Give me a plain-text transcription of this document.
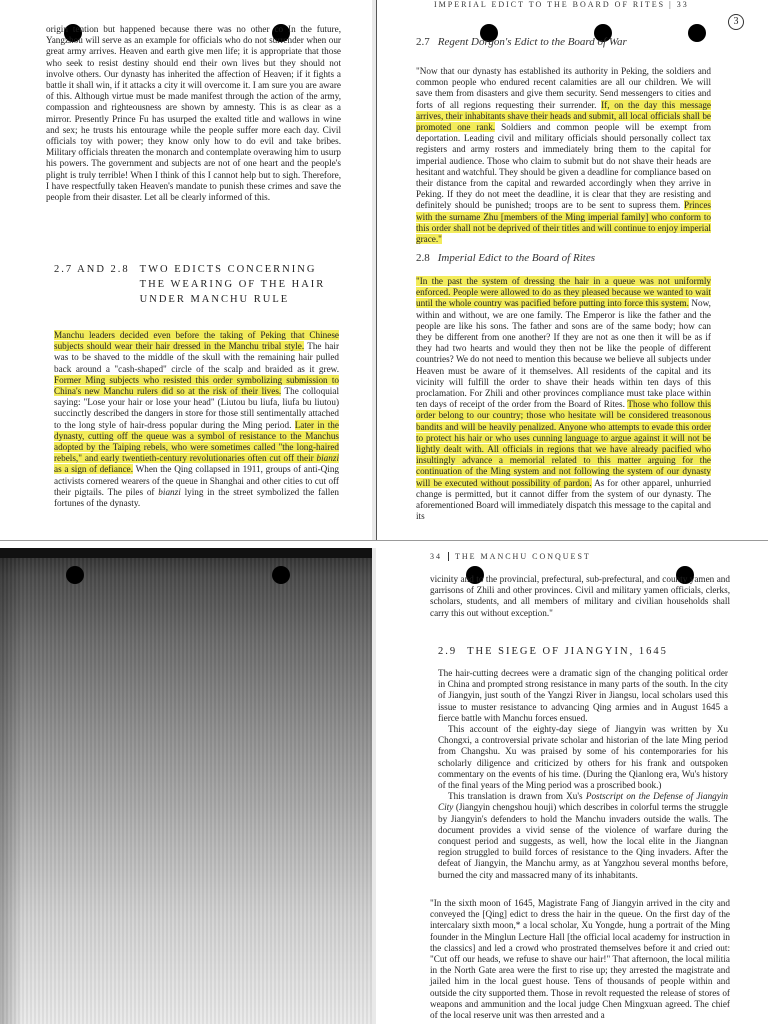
origin tention but happened because there was no other co In the future, Yangzhou will serve as an example for officials who do not surrender when our great army arrives. Heaven and earth give men life; it is appropriate that those who seek to resist destiny should end their own lives but they should not involve others. Our dynasty has inherited the affection of Heaven; if it fights a battle it shall win, if it attacks a city it will overcome it. I am sure you are aware of this. Although virtue must be made manifest through the action of the army, compassion and righteousness are shown by amnesty. This is as clear as a mirror. Presently Prince Fu has usurped the exalted title and wallows in wine and sex; he trusts his entourage while the people suffer more each day. Civil officials toy with power; they know only how to do evil and take bribes. Military officials threaten the monarch and contemplate overawing him to usurp his powers. The government and subjects are not of one heart and the people's plight is truly terrible! When I think of this I cannot help but to sigh. Therefore, I have respectfully taken Heaven's mandate to punish these crimes and save the people from their disaster. Let all be clearly informed of this.

2.7 AND 2.8 TWO EDICTS CONCERNING THE WEARING OF THE HAIR UNDER MANCHU RULE

Manchu leaders decided even before the taking of Peking that Chinese subjects should wear their hair dressed in the Manchu tribal style. The hair was to be shaved to the middle of the skull with the remaining hair pulled back around a "cash-shaped" circle of the scalp and braided as it grew. Former Ming subjects who resisted this order symbolizing submission to China's new Manchu rulers did so at the risk of their lives. The colloquial saying: "Lose your hair or lose your head" (Liutou bu liufa, liufa bu liutou) succinctly described the dangers in store for those still sentimentally attached to the long style of hair-dress popular during the Ming period. Later in the dynasty, cutting off the queue was a symbol of resistance to the Manchus adopted by the Taiping rebels, who were sometimes called "the long-haired rebels," and early twentieth-century revolutionaries often cut off their bianzi as a sign of defiance. When the Qing collapsed in 1911, groups of anti-Qing activists cornered wearers of the queue in Shanghai and other cities to cut off their pigtails. The piles of bianzi lying in the street symbolized the fallen fortunes of the dynasty.

IMPERIAL EDICT TO THE BOARD OF RITES | 33
3
2.7 Regent Dorgon's Edict to the Board of War

"Now that our dynasty has established its authority in Peking, the soldiers and common people who endured recent calamities are all our children. We will save them from disasters and give them security. Send messengers to cities and forts of all regions requesting their surrender. If, on the day this message arrives, their inhabitants shave their heads and submit, all local officials shall be promoted one rank. Soldiers and common people will be exempt from deportation. Leading civil and military officials should personally collect tax registers and army rosters and immediately bring them to the capital for imperial audience. Those who claim to submit but do not shave their heads are hesitant and watchful. They should be given a deadline for compliance based on their distance from the capital and rewarded accordingly when they arrive in Peking. If they do not meet the deadline, it is clear that they are resisting and definitely should be punished; troops are to be sent to supress them. Princes with the surname Zhu [members of the Ming imperial family] who conform to this order shall not be deprived of their titles and will continue to enjoy imperial grace."

2.8 Imperial Edict to the Board of Rites

"In the past the system of dressing the hair in a queue was not uniformly enforced. People were allowed to do as they pleased because we wanted to wait until the whole country was pacified before putting into force this system. Now, within and without, we are one family. The Emperor is like the father and the people are like his sons. The father and sons are of the same body; how can they be different from one another? If they are not as one then it will be as if they had two hearts and would they then not be like the people of different countries? We do not need to mention this because we believe all subjects under Heaven must be aware of it themselves. All residents of the capital and its vicinity will fulfill the order to shave their heads within ten days of this proclamation. For Zhili and other provinces compliance must take place within ten days of receipt of the order from the Board of Rites. Those who follow this order belong to our country; those who hesitate will be considered treasonous bandits and will be heavily penalized. Anyone who attempts to evade this order to protect his hair or who uses cunning language to argue against it will not be lightly dealt with. All officials in regions that we have already pacified who insultingly advance a memorial related to this matter arguing for the continuation of the Ming system and not following the system of our dynasty will be executed without possibility of pardon. As for other apparel, unhurried change is permitted, but it cannot differ from the system of our dynasty. The aforementioned Board will immediately dispatch this message to the capital and its

34	THE MANCHU CONQUEST

vicinity and to the provincial, prefectural, sub-prefectural, and county yamen and garrisons of Zhili and other provinces. Civil and military yamen officials, clerks, scholars, students, and all members of military and civilian households shall carry this out without exception."

2.9 THE SIEGE OF JIANGYIN, 1645

The hair-cutting decrees were a dramatic sign of the changing political order in China and prompted strong resistance in many parts of the south. In the city of Jiangyin, just south of the Yangzi River in Jiangsu, local scholars used this issue to muster resistance to advancing Qing armies and in August 1645 a fierce battle with Manchu forces ensued.

This account of the eighty-day siege of Jiangyin was written by Xu Chongxi, a controversial private scholar and historian of the late Ming period from Changshu. Xu was praised by some of his contemporaries for his scholarly diligence and criticized by others for his frank and outspoken commentary on the events of his time. (During the Qianlong era, Wu's history of the final years of the Ming period was a proscribed book.)

This translation is drawn from Xu's Postscript on the Defense of Jiangyin City (Jiangyin chengshou houji) which describes in colorful terms the struggle by Jiangyin's defenders to hold the Manchu invaders outside the walls. The document provides a vivid sense of the violence of warfare during the conquest period and suggests, as well, how the local elite in the Jiangnan region struggled to build forces of resistance to the Qing invaders. After the defeat of Jiangyin, the Manchu army, as at Yangzhou several months before, burned the city and massacred many of its inhabitants.

"In the sixth moon of 1645, Magistrate Fang of Jiangyin arrived in the city and conveyed the [Qing] edict to dress the hair in the queue. On the first day of the intercalary sixth moon,* a local scholar, Xu Yongde, hung a portrait of the Ming founder in the Minglun Lecture Hall [the official local academy for instruction in the classics] and led a crowd who prostrated themselves before it and cried out: "Cut off our heads, we refuse to shave our hair!" That afternoon, the local militia in the North Gate area were the first to rise up; they arrested the magistrate and jailed him in the local guest house. Tens of thousands of people within and outside the city supported them. Those in revolt requested the release of stores of weapons and ammunition and the local judge Chen Mingxuan agreed. The chief of the local reserve unit was then arrested and a
